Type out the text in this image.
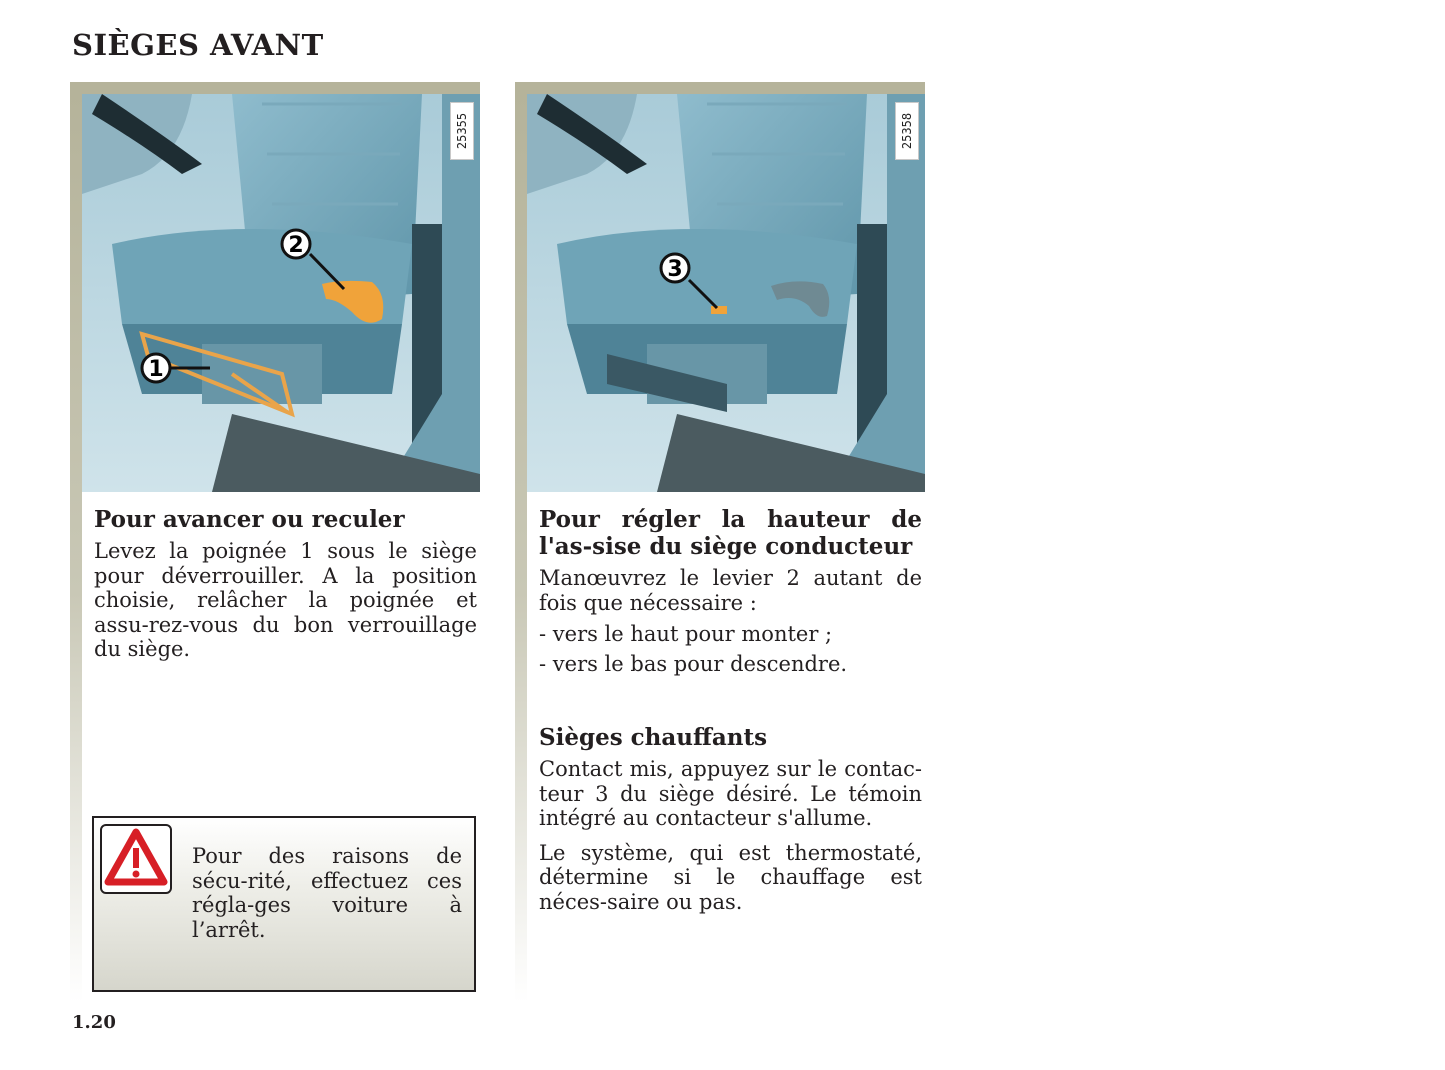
SIÈGES AVANT
2
1
25355

Pour avancer ou reculer

Levez la poignée 1 sous le siège pour déverrouiller. A la position choisie, relâcher la poignée et assu-rez-vous du bon verrouillage du siège.

Pour des raisons de sécu-rité, effectuez ces régla-ges voiture à l’arrêt.

3
25358

Pour régler la hauteur de l'as-sise du siège conducteur

Manœuvrez le levier 2 autant de fois que nécessaire :

- vers le haut pour monter ;
- vers le bas pour descendre.

Sièges chauffants

Contact mis, appuyez sur le contac-teur 3 du siège désiré. Le témoin intégré au contacteur s'allume.

Le système, qui est thermostaté, détermine si le chauffage est néces-saire ou pas.

1.20
